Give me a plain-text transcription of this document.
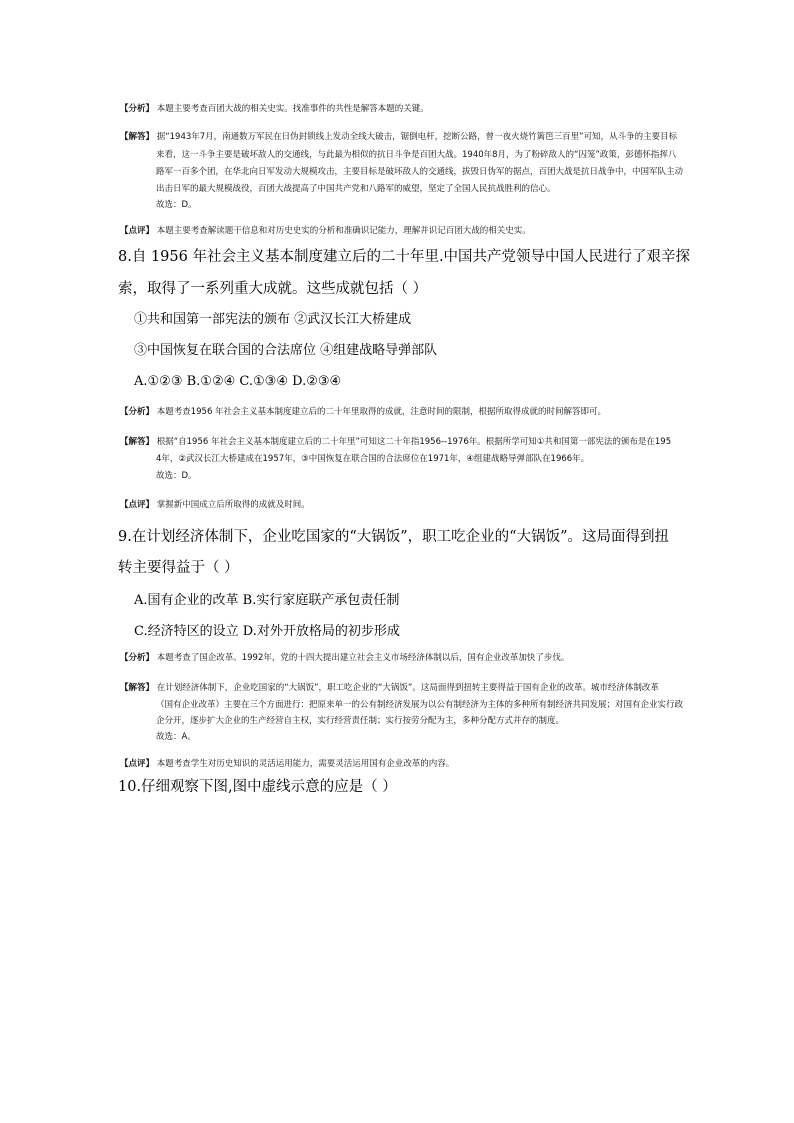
【分析】 本题主要考查百团大战的相关史实。找准事件的共性是解答本题的关键。
【解答】 据“1943年7月，南通数万军民在日伪封锁线上发动全线大破击，锯倒电杆，挖断公路，曾一夜火烧竹篱笆三百里”可知，从斗争的主要目标
来看，这一斗争主要是破坏敌人的交通线，与此最为相似的抗日斗争是百团大战。1940年8月，为了粉碎敌人的“囚笼”政策，彭德怀指挥八
路军一百多个团，在华北向日军发动大规模攻击，主要目标是破坏敌人的交通线，拔毁日伪军的据点，百团大战是抗日战争中，中国军队主动
出击日军的最大规模战役，百团大战提高了中国共产党和八路军的威望，坚定了全国人民抗战胜利的信心。
故选：D。
【点评】 本题主要考查解读题干信息和对历史史实的分析和准确识记能力，理解并识记百团大战的相关史实。
8.自 1956 年社会主义基本制度建立后的二十年里.中国共产党领导中国人民进行了艰辛探
索，取得了一系列重大成就。这些成就包括（ ）
①共和国第一部宪法的颁布 ②武汉长江大桥建成
③中国恢复在联合国的合法席位 ④组建战略导弹部队
A.①②③ B.①②④ C.①③④ D.②③④
【分析】 本题考查1956 年社会主义基本制度建立后的二十年里取得的成就，注意时间的限制，根据所取得成就的时间解答即可。
【解答】 根据“自1956 年社会主义基本制度建立后的二十年里”可知这二十年指1956--1976年。根据所学可知①共和国第一部宪法的颁布是在195
4年，②武汉长江大桥建成在1957年，③中国恢复在联合国的合法席位在1971年，④组建战略导弹部队在1966年。
故选：D。
【点评】 掌握新中国成立后所取得的成就及时间。
9.在计划经济体制下，企业吃国家的“大锅饭”，职工吃企业的“大锅饭”。这局面得到扭
转主要得益于（ ）
A.国有企业的改革 B.实行家庭联产承包责任制
C.经济特区的设立 D.对外开放格局的初步形成
【分析】 本题考查了国企改革。1992年，党的十四大提出建立社会主义市场经济体制以后，国有企业改革加快了步伐。
【解答】 在计划经济体制下，企业吃国家的“大锅饭”，职工吃企业的“大锅饭”。这局面得到扭转主要得益于国有企业的改革。城市经济体制改革
（国有企业改革）主要在三个方面进行：把原来单一的公有制经济发展为以公有制经济为主体的多种所有制经济共同发展；对国有企业实行政
企分开，逐步扩大企业的生产经营自主权，实行经营责任制；实行按劳分配为主，多种分配方式并存的制度。
故选：A。
【点评】 本题考查学生对历史知识的灵活运用能力，需要灵活运用国有企业改革的内容。
10.仔细观察下图,图中虚线示意的应是（ ）
